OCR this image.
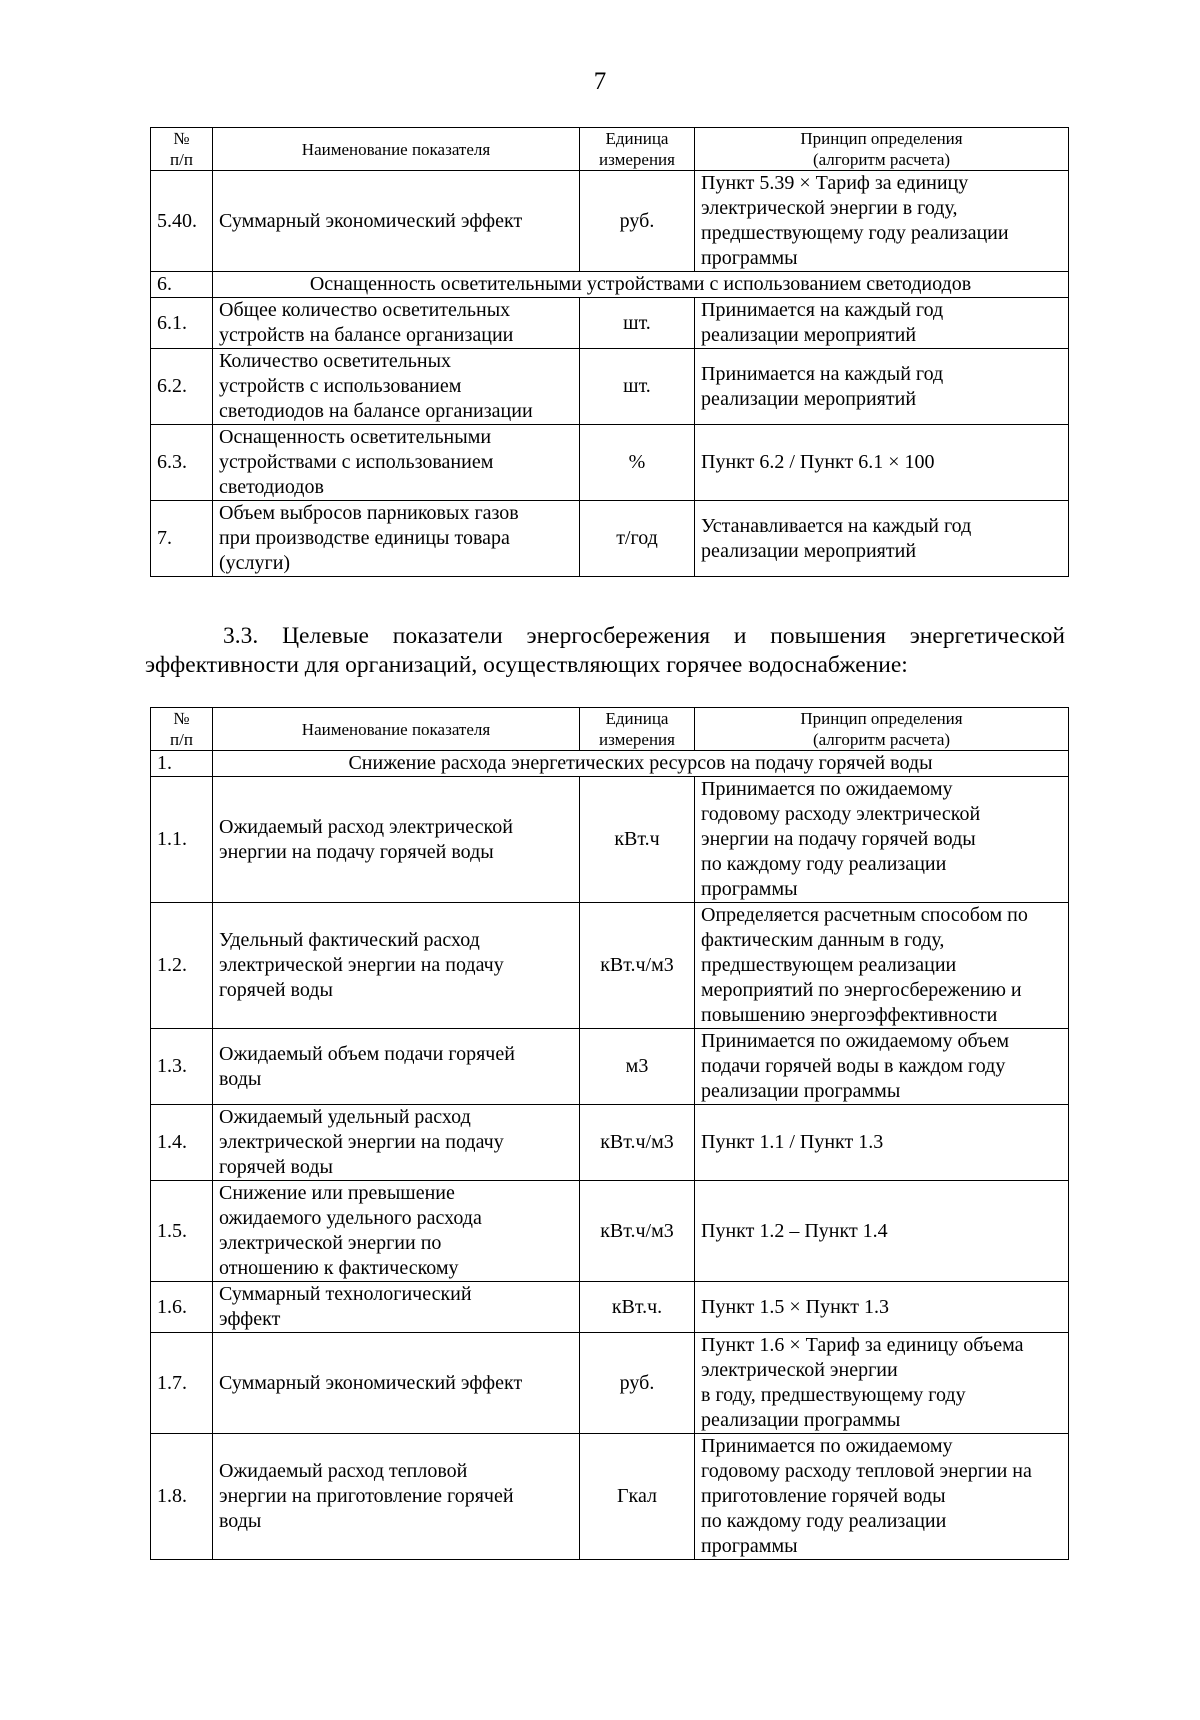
7
№
п/п	Наименование показателя	Единица
измерения	Принцип определения
(алгоритм расчета)

5.40.	Суммарный экономический эффект	руб.	Пункт 5.39 × Тариф за единицу
электрической энергии в году,
предшествующему году реализации
программы

6.	Оснащенность осветительными устройствами с использованием светодиодов		
6.1.	Общее количество осветительных
устройств на балансе организации	шт.	Принимается на каждый год
реализации мероприятий

6.2.	Количество осветительных
устройств с использованием
светодиодов на балансе организации	шт.	Принимается на каждый год
реализации мероприятий

6.3.	Оснащенность осветительными
устройствами с использованием
светодиодов	%	Пункт 6.2 / Пункт 6.1 × 100

7.	Объем выбросов парниковых газов
при производстве единицы товара
(услуги)	т/год	Устанавливается на каждый год
реализации мероприятий
3.3. Целевые показатели энергосбережения и повышения энергетической
эффективности для организаций, осуществляющих горячее водоснабжение:
№
п/п	Наименование показателя	Единица
измерения	Принцип определения
(алгоритм расчета)

1.	Снижение расхода энергетических ресурсов на подачу горячей воды		
1.1.	Ожидаемый расход электрической
энергии на подачу горячей воды	кВт.ч	Принимается по ожидаемому
годовому расходу электрической
энергии на подачу горячей воды
по каждому году реализации
программы

1.2.	Удельный фактический расход
электрической энергии на подачу
горячей воды	кВт.ч/м3	Определяется расчетным способом по
фактическим данным в году,
предшествующем реализации
мероприятий по энергосбережению и
повышению энергоэффективности

1.3.	Ожидаемый объем подачи горячей
воды	м3	Принимается по ожидаемому объем
подачи горячей воды в каждом году
реализации программы

1.4.	Ожидаемый удельный расход
электрической энергии на подачу
горячей воды	кВт.ч/м3	Пункт 1.1 / Пункт 1.3

1.5.	Снижение или превышение
ожидаемого удельного расхода
электрической энергии по
отношению к фактическому	кВт.ч/м3	Пункт 1.2 – Пункт 1.4

1.6.	Суммарный технологический
эффект	кВт.ч.	Пункт 1.5 × Пункт 1.3

1.7.	Суммарный экономический эффект	руб.	Пункт 1.6 × Тариф за единицу объема
электрической энергии
в году, предшествующему году
реализации программы

1.8.	Ожидаемый расход тепловой
энергии на приготовление горячей
воды	Гкал	Принимается по ожидаемому
годовому расходу тепловой энергии на
приготовление горячей воды
по каждому году реализации
программы
